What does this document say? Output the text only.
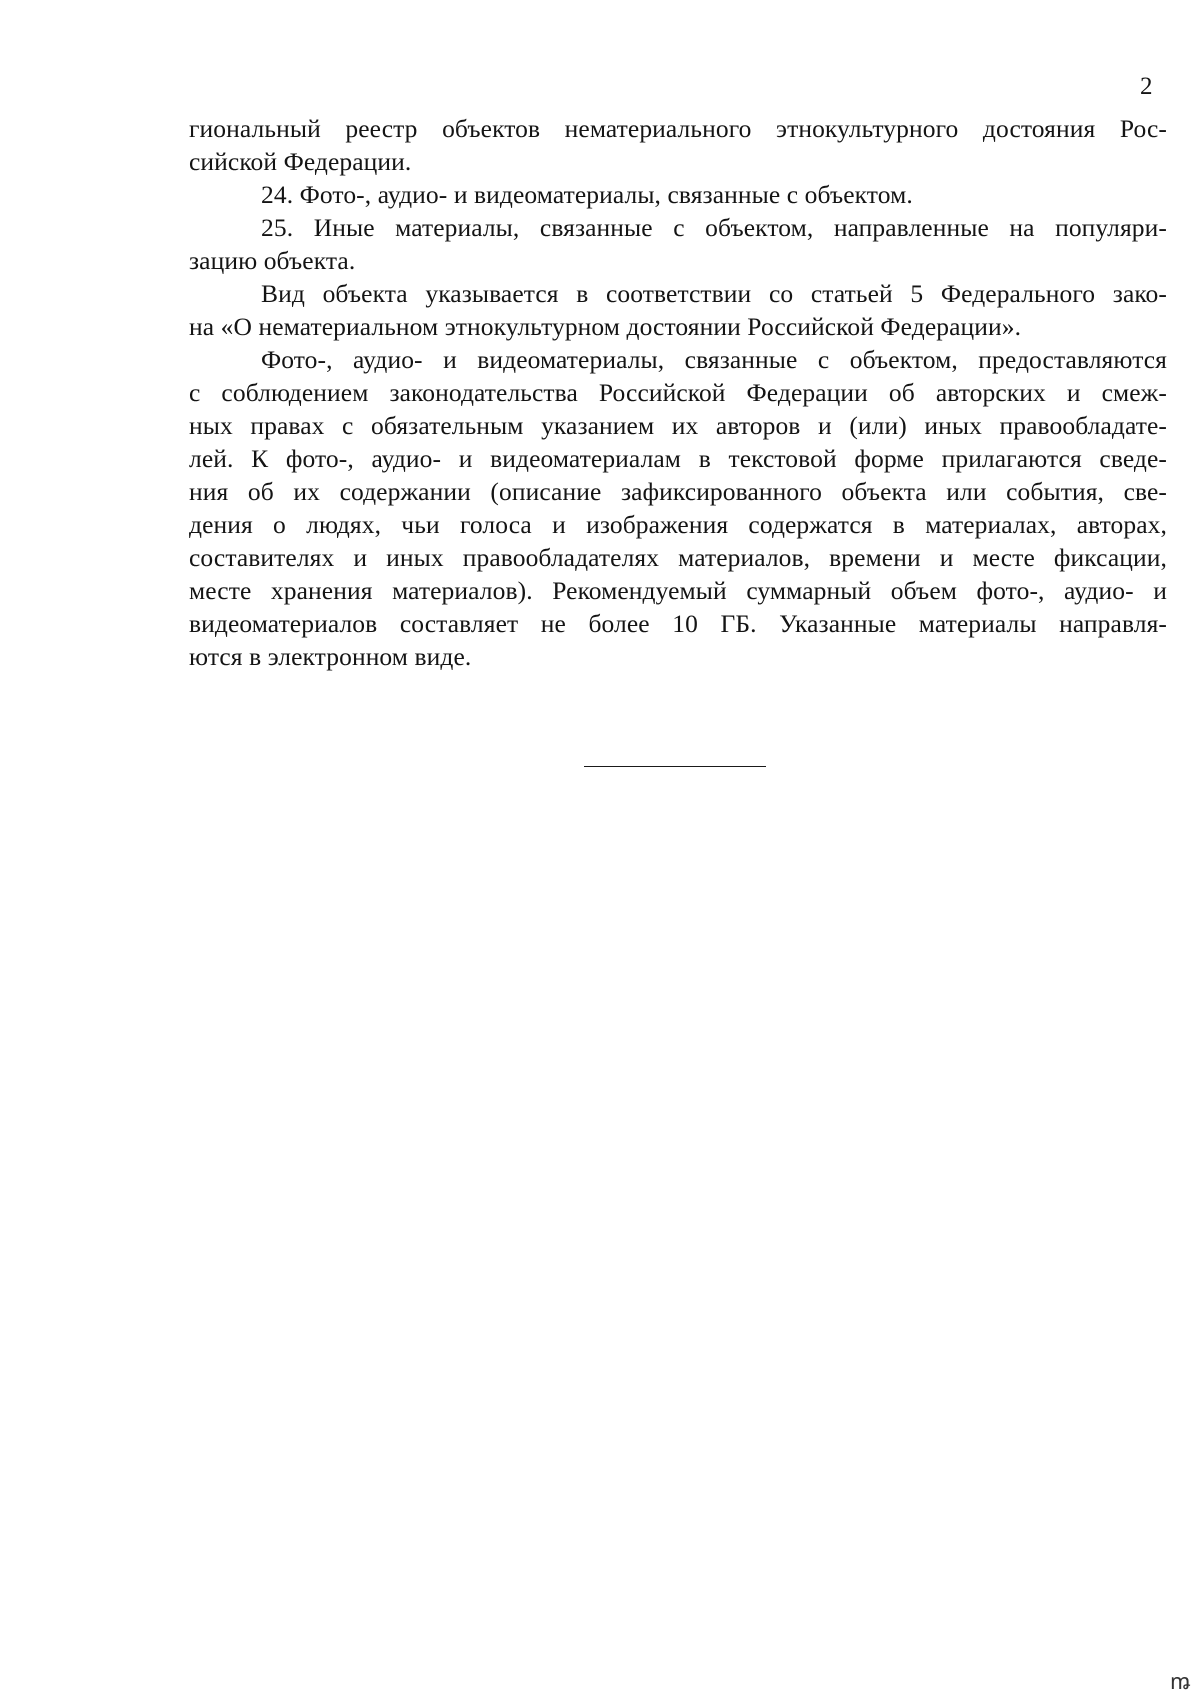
2
гиональный реестр объектов нематериального этнокультурного достояния Рос-
сийской Федерации.
24. Фото-, аудио- и видеоматериалы, связанные с объектом.
25. Иные материалы, связанные с объектом, направленные на популяри-
зацию объекта.
Вид объекта указывается в соответствии со статьей 5 Федерального зако-
на «О нематериальном этнокультурном достоянии Российской Федерации».
Фото-, аудио- и видеоматериалы, связанные с объектом, предоставляются
с соблюдением законодательства Российской Федерации об авторских и смеж-
ных правах с обязательным указанием их авторов и (или) иных правообладате-
лей. К фото-, аудио- и видеоматериалам в текстовой форме прилагаются сведе-
ния об их содержании (описание зафиксированного объекта или события, све-
дения о людях, чьи голоса и изображения содержатся в материалах, авторах,
составителях и иных правообладателях материалов, времени и месте фиксации,
месте хранения материалов). Рекомендуемый суммарный объем фото-, аудио- и
видеоматериалов составляет не более 10 ГБ. Указанные материалы направля-
ются в электронном виде.
ꬺ
